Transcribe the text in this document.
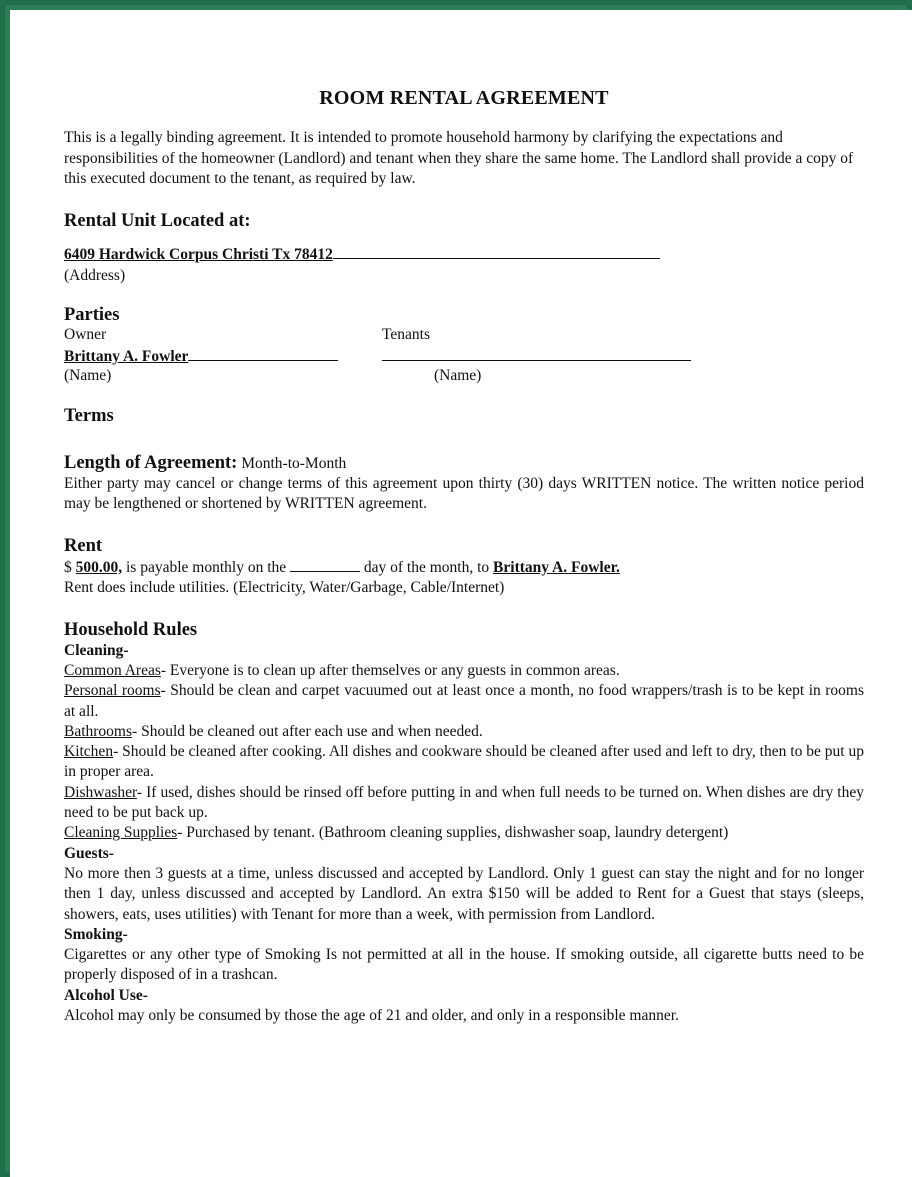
ROOM RENTAL AGREEMENT

This is a legally binding agreement. It is intended to promote household harmony by clarifying the expectations and responsibilities of the homeowner (Landlord) and tenant when they share the same home. The Landlord shall provide a copy of this executed document to the tenant, as required by law.

Rental Unit Located at:
6409 Hardwick Corpus Christi Tx 78412
(Address)
Parties
Owner	Tenants
Brittany A. Fowler
(Name)	(Name)
Terms
Length of Agreement: Month-to-Month

Either party may cancel or change terms of this agreement upon thirty (30) days WRITTEN notice. The written notice period may be lengthened or shortened by WRITTEN agreement.

Rent
$ 500.00, is payable monthly on the	day of the month, to Brittany A. Fowler.
Rent does include utilities. (Electricity, Water/Garbage, Cable/Internet)
Household Rules
Cleaning-

Common Areas- Everyone is to clean up after themselves or any guests in common areas.

Personal rooms- Should be clean and carpet vacuumed out at least once a month, no food wrappers/trash is to be kept in rooms at all.

Bathrooms- Should be cleaned out after each use and when needed.

Kitchen- Should be cleaned after cooking. All dishes and cookware should be cleaned after used and left to dry, then to be put up in proper area.

Dishwasher- If used, dishes should be rinsed off before putting in and when full needs to be turned on. When dishes are dry they need to be put back up.

Cleaning Supplies- Purchased by tenant. (Bathroom cleaning supplies, dishwasher soap, laundry detergent)

Guests-

No more then 3 guests at a time, unless discussed and accepted by Landlord. Only 1 guest can stay the night and for no longer then 1 day, unless discussed and accepted by Landlord. An extra $150 will be added to Rent for a Guest that stays (sleeps, showers, eats, uses utilities) with Tenant for more than a week, with permission from Landlord.

Smoking-

Cigarettes or any other type of Smoking Is not permitted at all in the house. If smoking outside, all cigarette butts need to be properly disposed of in a trashcan.

Alcohol Use-

Alcohol may only be consumed by those the age of 21 and older, and only in a responsible manner.
